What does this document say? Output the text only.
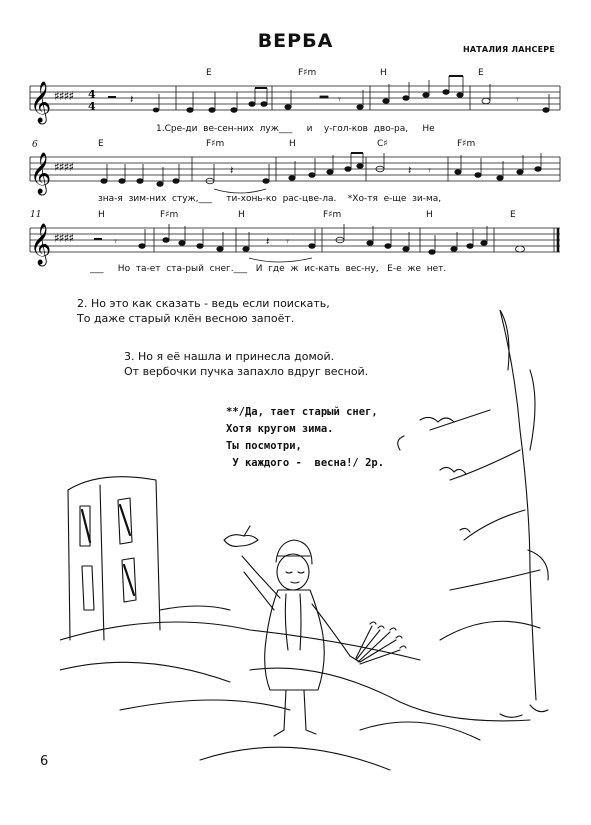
ВЕРБА	НАТАЛИЯ ЛАНСЕРЕ
E	F♯m	H	E
𝄞 ♯♯♯♯ 4
4
𝄽	𝄾	𝄾
1.Сре-ди  ве-сен-них  луж___     и    у-гол-ков  дво-ра,     Не
6	E	F♯m	H	C♯	F♯m
𝄞 ♯♯♯♯	𝄽	𝄽 𝄾
зна-я  зим-них  стуж,___     ти-хонь-ко  рас-цве-ла.    *Хо-тя  е-ще  зи-ма,
11	H	F♯m	H	F♯m	H	E
𝄞 ♯♯♯♯	𝄾	𝄽 𝄾
___     Но  та-ет  ста-рый  снег.___   И  где  ж  ис-кать  вес-ну,   Е-е  же  нет.
2. Но это как сказать - ведь если поискать,
То даже старый клён весною запоёт.
3. Но я её нашла и принесла домой.
От вербочки пучка запахло вдруг весной.
**/Да, тает старый снег,
Хотя кругом зима.
Ты посмотри,
У каждого -  весна!/ 2р.
6
